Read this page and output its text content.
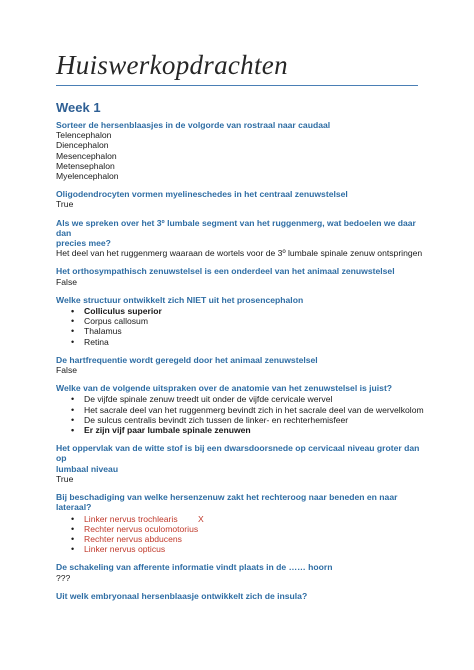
Huiswerkopdrachten
Week 1
Sorteer de hersenblaasjes in de volgorde van rostraal naar caudaal
Telencephalon
Diencephalon
Mesencephalon
Metensephalon
Myelencephalon
Oligodendrocyten vormen myelineschedes in het centraal zenuwstelsel
True
Als we spreken over het 3º lumbale segment van het ruggenmerg, wat bedoelen we daar dan
precies mee?
Het deel van het ruggenmerg waaraan de wortels voor de 3º lumbale spinale zenuw ontspringen
Het orthosympathisch zenuwstelsel is een onderdeel van het animaal zenuwstelsel
False
Welke structuur ontwikkelt zich NIET uit het prosencephalon
• Colliculus superior
• Corpus callosum
• Thalamus
• Retina
De hartfrequentie wordt geregeld door het animaal zenuwstelsel
False
Welke van de volgende uitspraken over de anatomie van het zenuwstelsel is juist?
• De vijfde spinale zenuw treedt uit onder de vijfde cervicale wervel
• Het sacrale deel van het ruggenmerg bevindt zich in het sacrale deel van de wervelkolom
• De sulcus centralis bevindt zich tussen de linker- en rechterhemisfeer
• Er zijn vijf paar lumbale spinale zenuwen
Het oppervlak van de witte stof is bij een dwarsdoorsnede op cervicaal niveau groter dan op
lumbaal niveau
True
Bij beschadiging van welke hersenzenuw zakt het rechteroog naar beneden en naar lateraal?
• Linker nervus trochlearis X
• Rechter nervus oculomotorius
• Rechter nervus abducens
• Linker nervus opticus
De schakeling van afferente informatie vindt plaats in de …… hoorn
???
Uit welk embryonaal hersenblaasje ontwikkelt zich de insula?
